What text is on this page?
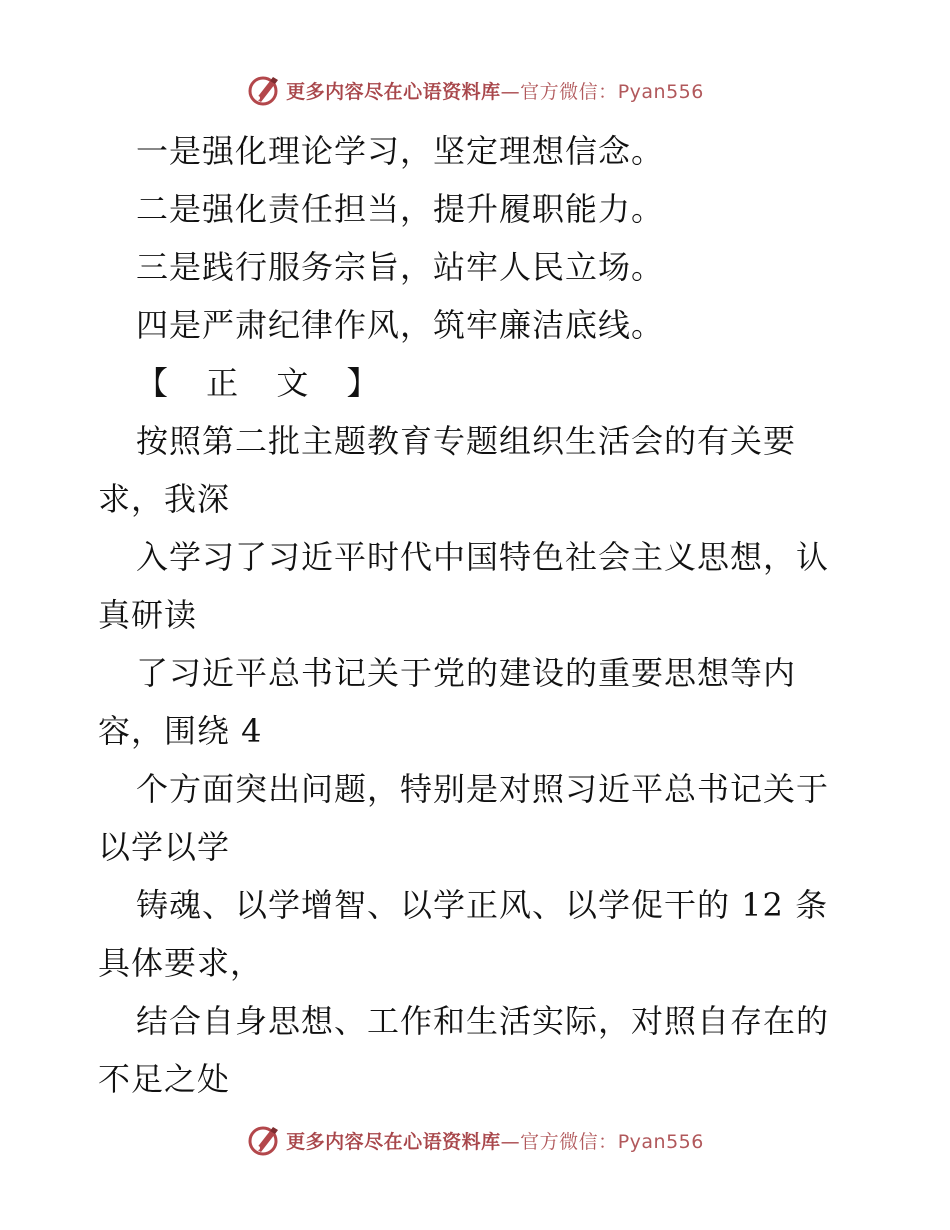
更多内容尽在心语资料库—官方微信：Pyan556
一是强化理论学习，坚定理想信念。
二是强化责任担当，提升履职能力。
三是践行服务宗旨，站牢人民立场。
四是严肃纪律作风，筑牢廉洁底线。
【 正 文 】
按照第二批主题教育专题组织生活会的有关要
求，我深
入学习了习近平时代中国特色社会主义思想，认
真研读
了习近平总书记关于党的建设的重要思想等内
容，围绕 4
个方面突出问题，特别是对照习近平总书记关于
以学以学
铸魂、以学增智、以学正风、以学促干的 12 条
具体要求，
结合自身思想、工作和生活实际，对照自存在的
不足之处
更多内容尽在心语资料库—官方微信：Pyan556
